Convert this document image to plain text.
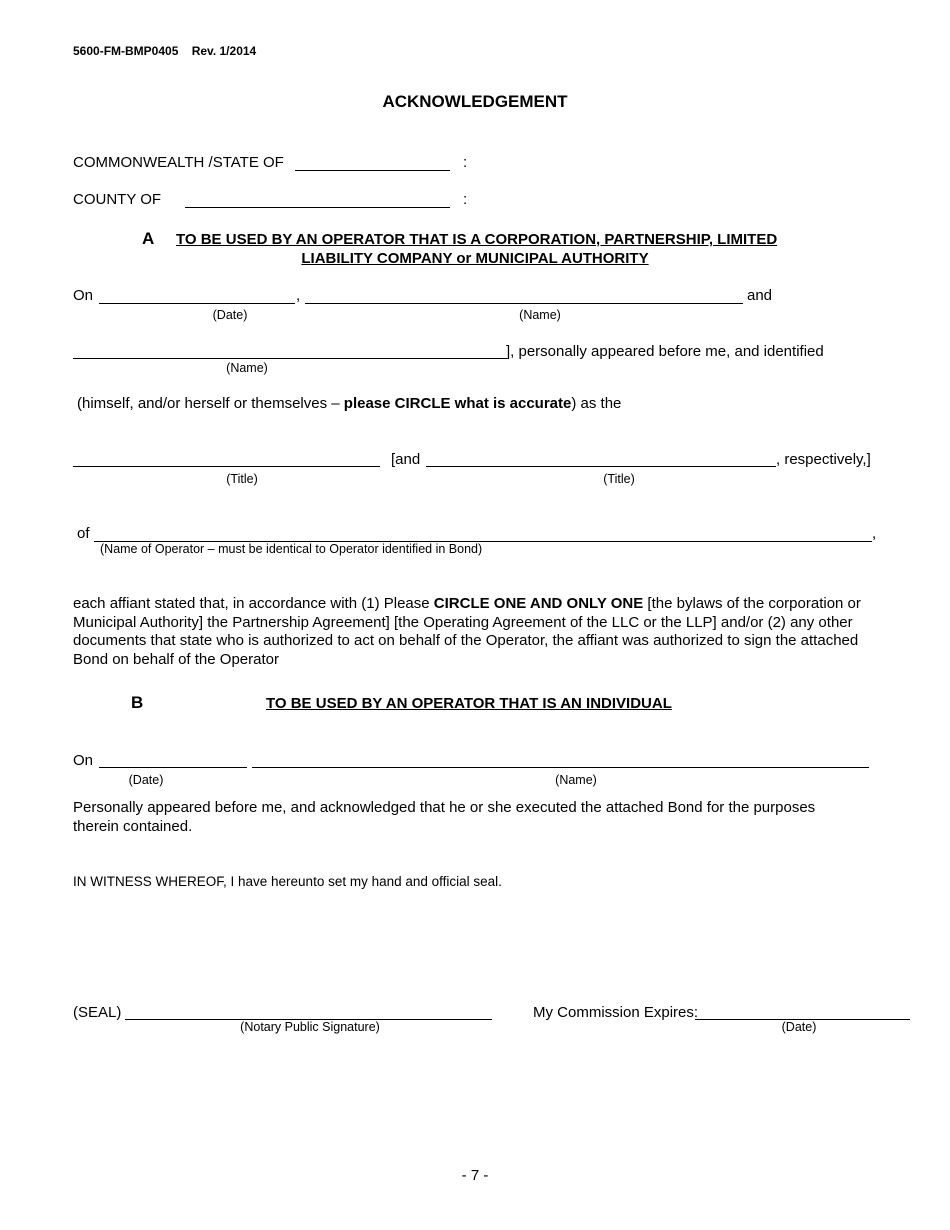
5600-FM-BMP0405 Rev. 1/2014
ACKNOWLEDGEMENT
COMMONWEALTH /STATE OF	:
COUNTY OF	:
A TO BE USED BY AN OPERATOR THAT IS A CORPORATION, PARTNERSHIP, LIMITED
LIABILITY COMPANY or MUNICIPAL AUTHORITY
On	,	and
(Date)	(Name)
], personally appeared before me, and identified
(Name)
(himself, and/or herself or themselves – please CIRCLE what is accurate) as the
[and	, respectively,]
(Title)	(Title)
of	,
(Name of Operator – must be identical to Operator identified in Bond)
each affiant stated that, in accordance with (1) Please CIRCLE ONE AND ONLY ONE [the bylaws of the corporation or Municipal Authority] the Partnership Agreement] [the Operating Agreement of the LLC or the LLP] and/or (2) any other documents that state who is authorized to act on behalf of the Operator, the affiant was authorized to sign the attached Bond on behalf of the Operator
B	TO BE USED BY AN OPERATOR THAT IS AN INDIVIDUAL
On
(Date)	(Name)
Personally appeared before me, and acknowledged that he or she executed the attached Bond for the purposes therein contained.
IN WITNESS WHEREOF, I have hereunto set my hand and official seal.
(SEAL)
(Notary Public Signature)
My Commission Expires:
(Date)
- 7 -
